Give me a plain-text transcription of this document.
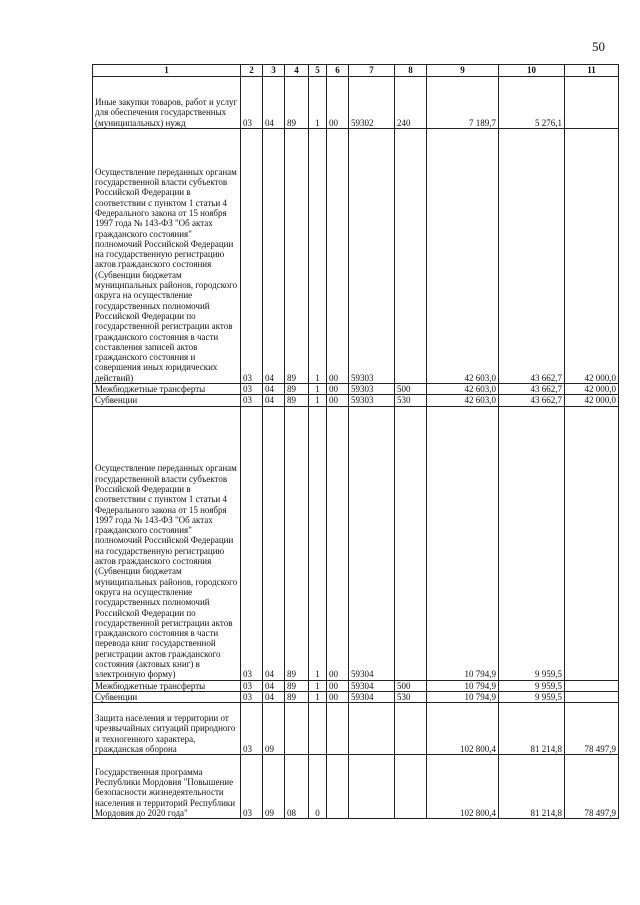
50
1	2	3	4	5	6	7	8	9	10	11
Иные закупки товаров, работ и услуг для обеспечения государственных (муниципальных) нужд	03	04	89	1	00	59302	240	7 189,7	5 276,1	
Осуществление переданных органам государственной власти субъектов Российской Федерации в соответствии с пунктом 1 статьи 4 Федерального закона от 15 ноября 1997 года № 143-ФЗ "Об актах гражданского состояния" полномочий Российской Федерации на государственную регистрацию актов гражданского состояния (Субвенции бюджетам муниципальных районов, городского округа на осуществление государственных полномочий Российской Федерации по государственной регистрации актов гражданского состояния в части составления записей актов гражданского состояния и совершения иных юридических действий)	03	04	89	1	00	59303		42 603,0	43 662,7	42 000,0
Межбюджетные трансферты	03	04	89	1	00	59303	500	42 603,0	43 662,7	42 000,0
Субвенции	03	04	89	1	00	59303	530	42 603,0	43 662,7	42 000,0
Осуществление переданных органам государственной власти субъектов Российской Федерации в соответствии с пунктом 1 статьи 4 Федерального закона от 15 ноября 1997 года № 143-ФЗ "Об актах гражданского состояния" полномочий Российской Федерации на государственную регистрацию актов гражданского состояния (Субвенции бюджетам муниципальных районов, городского округа на осуществление государственных полномочий Российской Федерации по государственной регистрации актов гражданского состояния в части перевода книг государственной регистрации актов гражданского состояния (актовых книг) в электронную форму)	03	04	89	1	00	59304		10 794,9	9 959,5	
Межбюджетные трансферты	03	04	89	1	00	59304	500	10 794,9	9 959,5	
Субвенции	03	04	89	1	00	59304	530	10 794,9	9 959,5	
Защита населения и территории от чрезвычайных ситуаций природного и техногенного характера, гражданская оборона	03	09						102 800,4	81 214,8	78 497,9
Государственная программа Республики Мордовия "Повышение безопасности жизнедеятельности населения и территорий Республики Мордовия до 2020 года"	03	09	08	0				102 800,4	81 214,8	78 497,9
